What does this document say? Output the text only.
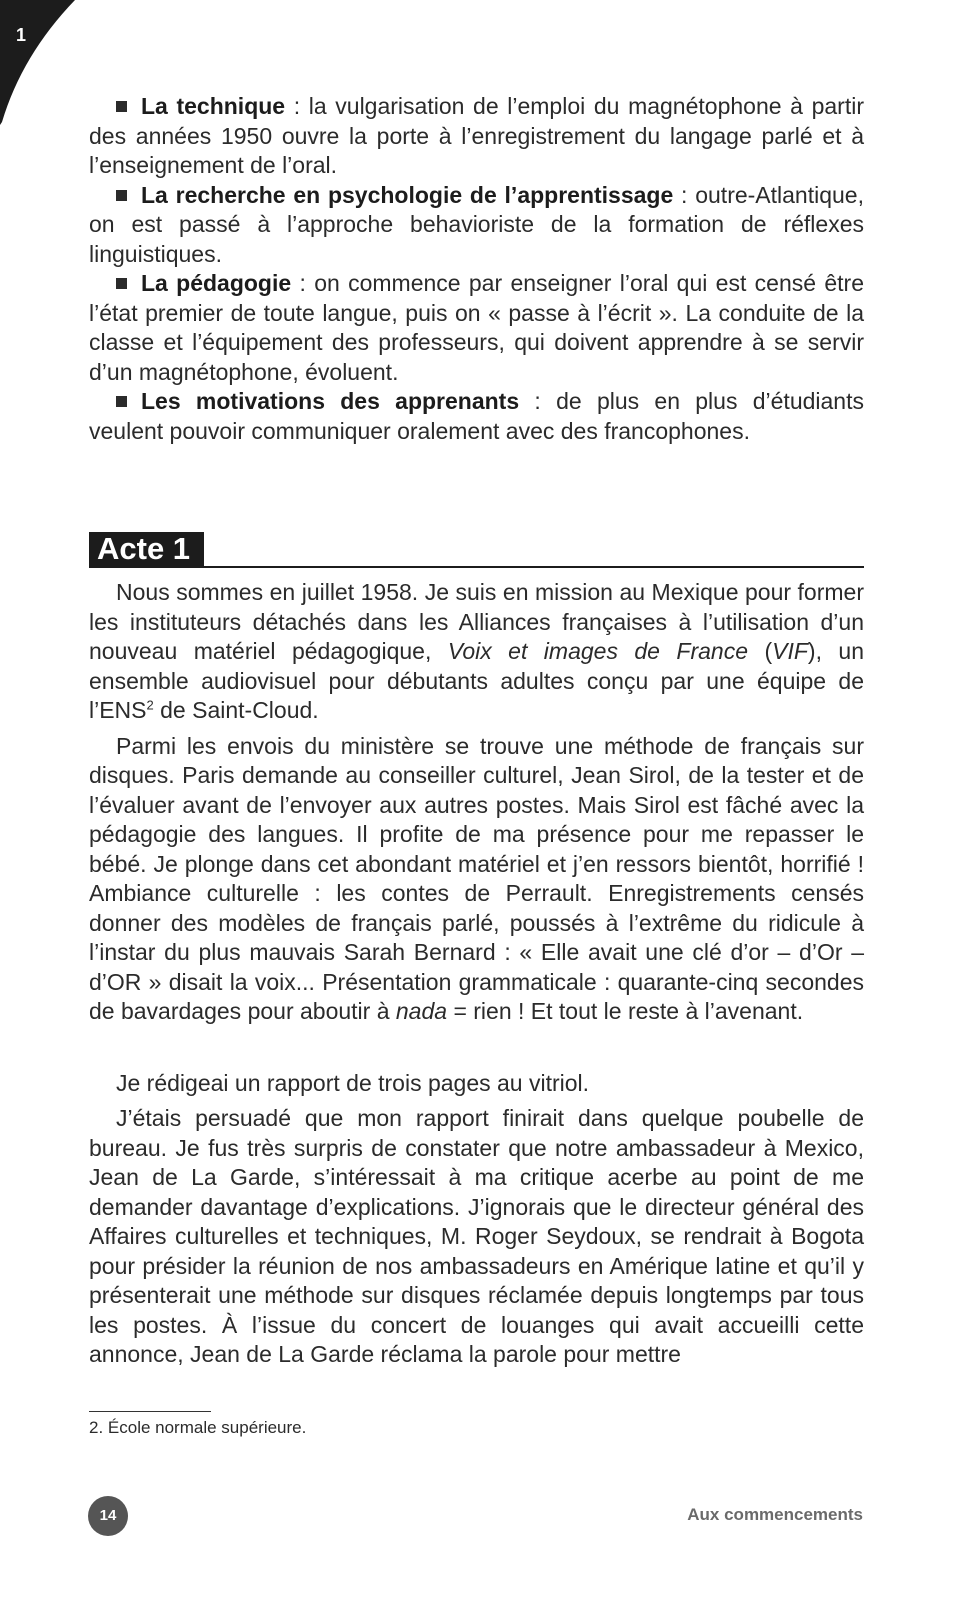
1

La technique : la vulgarisation de l’emploi du magnétophone à partir des années 1950 ouvre la porte à l’enregistrement du langage parlé et à l’enseignement de l’oral.

La recherche en psychologie de l’apprentissage : outre-Atlantique, on est passé à l’approche behavioriste de la formation de réflexes linguistiques.

La pédagogie : on commence par enseigner l’oral qui est censé être l’état premier de toute langue, puis on « passe à l’écrit ». La conduite de la classe et l’équipement des professeurs, qui doivent apprendre à se servir d’un magnétophone, évoluent.

Les motivations des apprenants : de plus en plus d’étudiants veulent pouvoir communiquer oralement avec des francophones.

Acte 1

Nous sommes en juillet 1958. Je suis en mission au Mexique pour former les instituteurs détachés dans les Alliances françaises à l’utilisation d’un nouveau matériel pédagogique, Voix et images de France (VIF), un ensemble audiovisuel pour débutants adultes conçu par une équipe de l’ENS$^2$ de Saint-Cloud.

Parmi les envois du ministère se trouve une méthode de français sur disques. Paris demande au conseiller culturel, Jean Sirol, de la tester et de l’évaluer avant de l’envoyer aux autres postes. Mais Sirol est fâché avec la pédagogie des langues. Il profite de ma présence pour me repasser le bébé. Je plonge dans cet abondant matériel et j’en ressors bientôt, horrifié ! Ambiance culturelle : les contes de Perrault. Enregistrements censés donner des modèles de français parlé, poussés à l’extrême du ridicule à l’instar du plus mauvais Sarah Bernard : « Elle avait une clé d’or – d’Or – d’OR » disait la voix... Présentation grammaticale : quarante-cinq secondes de bavardages pour aboutir à nada = rien ! Et tout le reste à l’avenant.

Je rédigeai un rapport de trois pages au vitriol.

J’étais persuadé que mon rapport finirait dans quelque poubelle de bureau. Je fus très surpris de constater que notre ambassadeur à Mexico, Jean de La Garde, s’intéressait à ma critique acerbe au point de me demander davantage d’explications. J’ignorais que le directeur général des Affaires culturelles et techniques, M. Roger Seydoux, se rendrait à Bogota pour présider la réunion de nos ambassadeurs en Amérique latine et qu’il y présenterait une méthode sur disques réclamée depuis longtemps par tous les postes. À l’issue du concert de louanges qui avait accueilli cette annonce, Jean de La Garde réclama la parole pour mettre

2. École normale supérieure.
14	Aux commencements
